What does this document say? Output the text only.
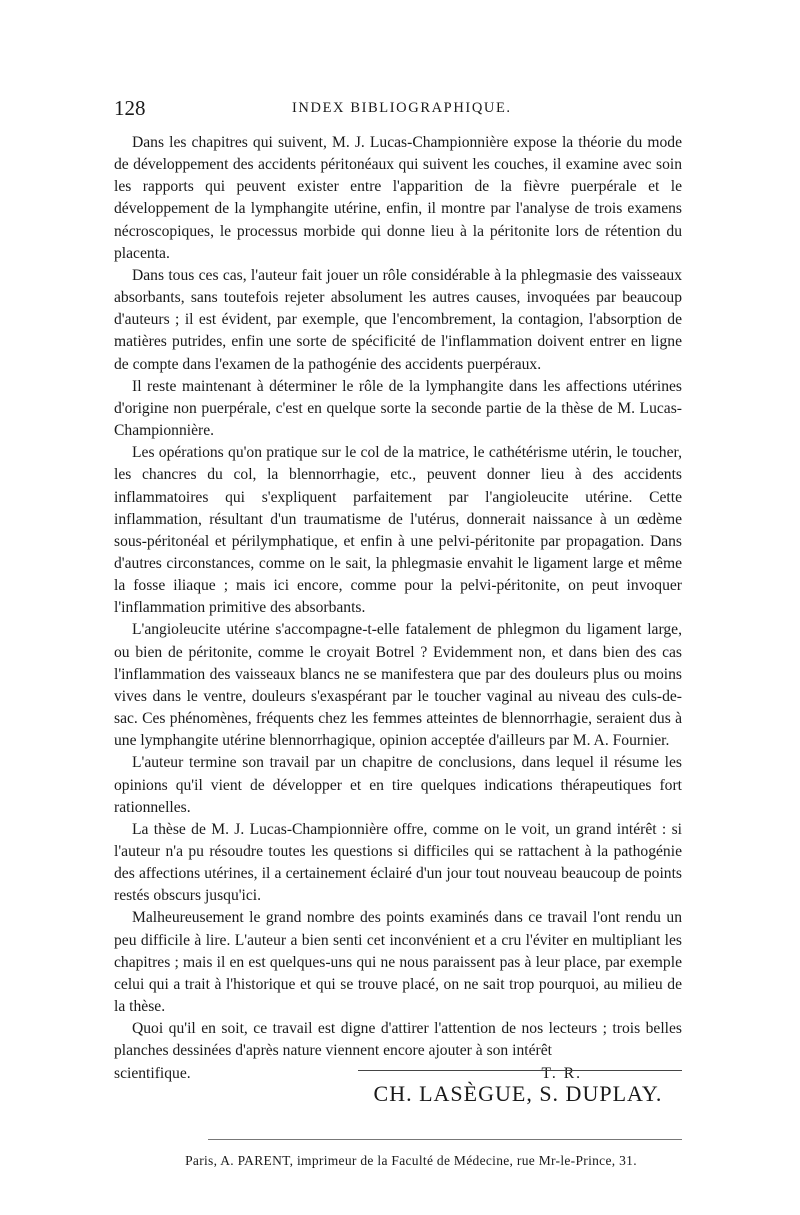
128	INDEX BIBLIOGRAPHIQUE.

Dans les chapitres qui suivent, M. J. Lucas-Championnière expose la théorie du mode de développement des accidents péritonéaux qui suivent les couches, il examine avec soin les rapports qui peuvent exister entre l'apparition de la fièvre puerpérale et le développement de la lymphangite utérine, enfin, il montre par l'analyse de trois examens nécroscopiques, le processus morbide qui donne lieu à la péritonite lors de rétention du placenta.

Dans tous ces cas, l'auteur fait jouer un rôle considérable à la phlegmasie des vaisseaux absorbants, sans toutefois rejeter absolument les autres causes, invoquées par beaucoup d'auteurs ; il est évident, par exemple, que l'encombrement, la contagion, l'absorption de matières putrides, enfin une sorte de spécificité de l'inflammation doivent entrer en ligne de compte dans l'examen de la pathogénie des accidents puerpéraux.

Il reste maintenant à déterminer le rôle de la lymphangite dans les affections utérines d'origine non puerpérale, c'est en quelque sorte la seconde partie de la thèse de M. Lucas-Championnière.

Les opérations qu'on pratique sur le col de la matrice, le cathétérisme utérin, le toucher, les chancres du col, la blennorrhagie, etc., peuvent donner lieu à des accidents inflammatoires qui s'expliquent parfaitement par l'angioleucite utérine. Cette inflammation, résultant d'un traumatisme de l'utérus, donnerait naissance à un œdème sous-péritonéal et périlymphatique, et enfin à une pelvi-péritonite par propagation. Dans d'autres circonstances, comme on le sait, la phlegmasie envahit le ligament large et même la fosse iliaque ; mais ici encore, comme pour la pelvi-péritonite, on peut invoquer l'inflammation primitive des absorbants.

L'angioleucite utérine s'accompagne-t-elle fatalement de phlegmon du ligament large, ou bien de péritonite, comme le croyait Botrel ? Evidemment non, et dans bien des cas l'inflammation des vaisseaux blancs ne se manifestera que par des douleurs plus ou moins vives dans le ventre, douleurs s'exaspérant par le toucher vaginal au niveau des culs-de-sac. Ces phénomènes, fréquents chez les femmes atteintes de blennorrhagie, seraient dus à une lymphangite utérine blennorrhagique, opinion acceptée d'ailleurs par M. A. Fournier.

L'auteur termine son travail par un chapitre de conclusions, dans lequel il résume les opinions qu'il vient de développer et en tire quelques indications thérapeutiques fort rationnelles.

La thèse de M. J. Lucas-Championnière offre, comme on le voit, un grand intérêt : si l'auteur n'a pu résoudre toutes les questions si difficiles qui se rattachent à la pathogénie des affections utérines, il a certainement éclairé d'un jour tout nouveau beaucoup de points restés obscurs jusqu'ici.

Malheureusement le grand nombre des points examinés dans ce travail l'ont rendu un peu difficile à lire. L'auteur a bien senti cet inconvénient et a cru l'éviter en multipliant les chapitres ; mais il en est quelques-uns qui ne nous paraissent pas à leur place, par exemple celui qui a trait à l'historique et qui se trouve placé, on ne sait trop pourquoi, au milieu de la thèse.

Quoi qu'il en soit, ce travail est digne d'attirer l'attention de nos lecteurs ; trois belles planches dessinées d'après nature viennent encore ajouter à son intérêt

scientifique.	T. R.
CH. LASÈGUE, S. DUPLAY.
Paris, A. PARENT, imprimeur de la Faculté de Médecine, rue Mr-le-Prince, 31.
